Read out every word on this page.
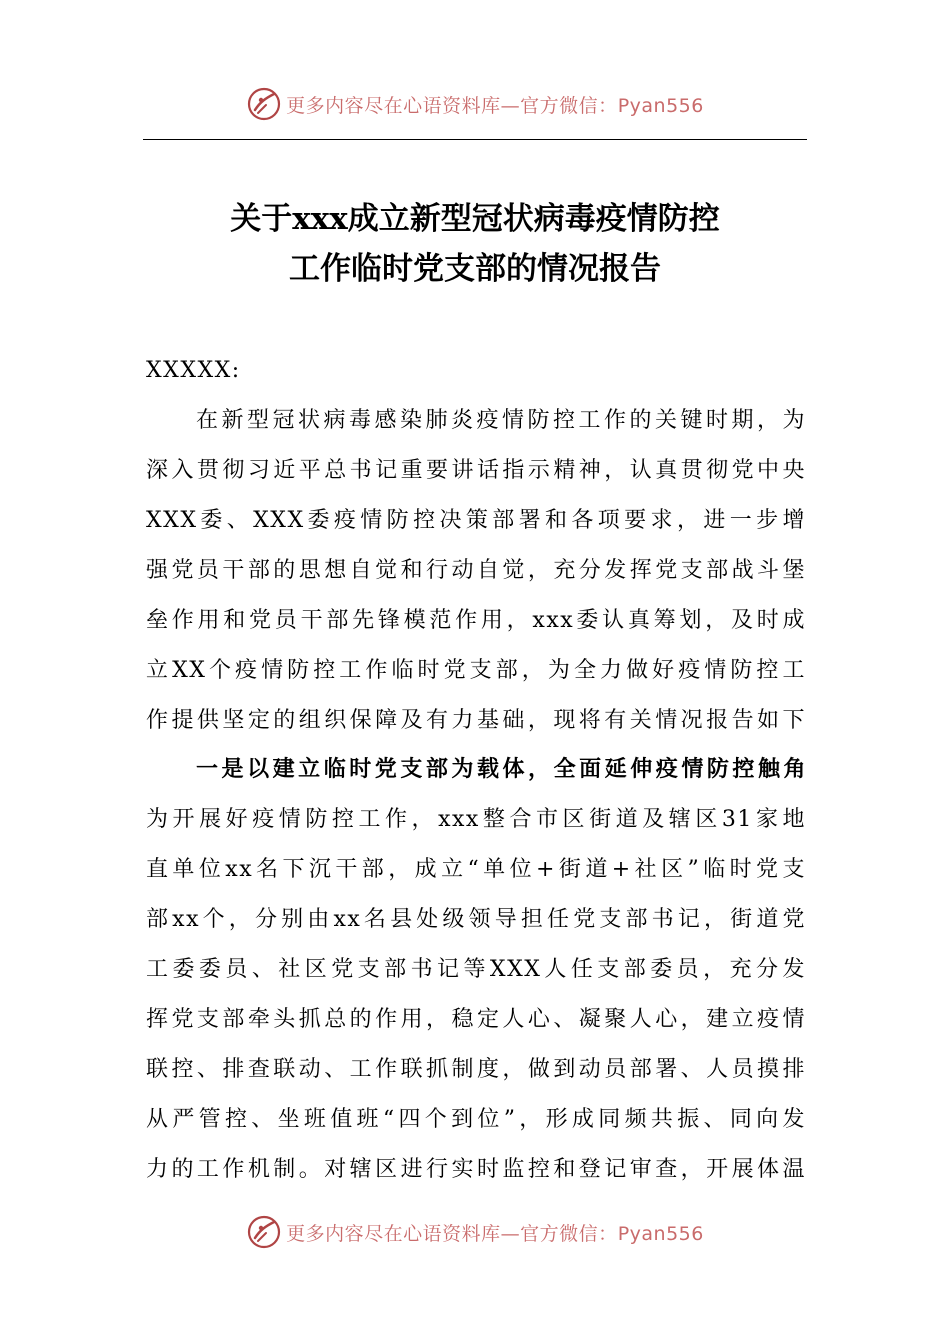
更多内容尽在心语资料库—官方微信：Pyan556
关于xxx成立新型冠状病毒疫情防控
工作临时党支部的情况报告
XXXXX:
在新型冠状病毒感染肺炎疫情防控工作的关键时期，为
深入贯彻习近平总书记重要讲话指示精神，认真贯彻党中央
XXX委、XXX委疫情防控决策部署和各项要求，进一步增
强党员干部的思想自觉和行动自觉，充分发挥党支部战斗堡
垒作用和党员干部先锋模范作用，xxx委认真筹划，及时成
立XX个疫情防控工作临时党支部，为全力做好疫情防控工
作提供坚定的组织保障及有力基础，现将有关情况报告如下
一是以建立临时党支部为载体，全面延伸疫情防控触角
为开展好疫情防控工作，xxx整合市区街道及辖区31家地
直单位xx名下沉干部，成立“单位+街道+社区”临时党支
部xx个，分别由xx名县处级领导担任党支部书记，街道党
工委委员、社区党支部书记等XXX人任支部委员，充分发
挥党支部牵头抓总的作用，稳定人心、凝聚人心，建立疫情
联控、排查联动、工作联抓制度，做到动员部署、人员摸排
从严管控、坐班值班“四个到位”，形成同频共振、同向发
力的工作机制。对辖区进行实时监控和登记审查，开展体温
更多内容尽在心语资料库—官方微信：Pyan556
